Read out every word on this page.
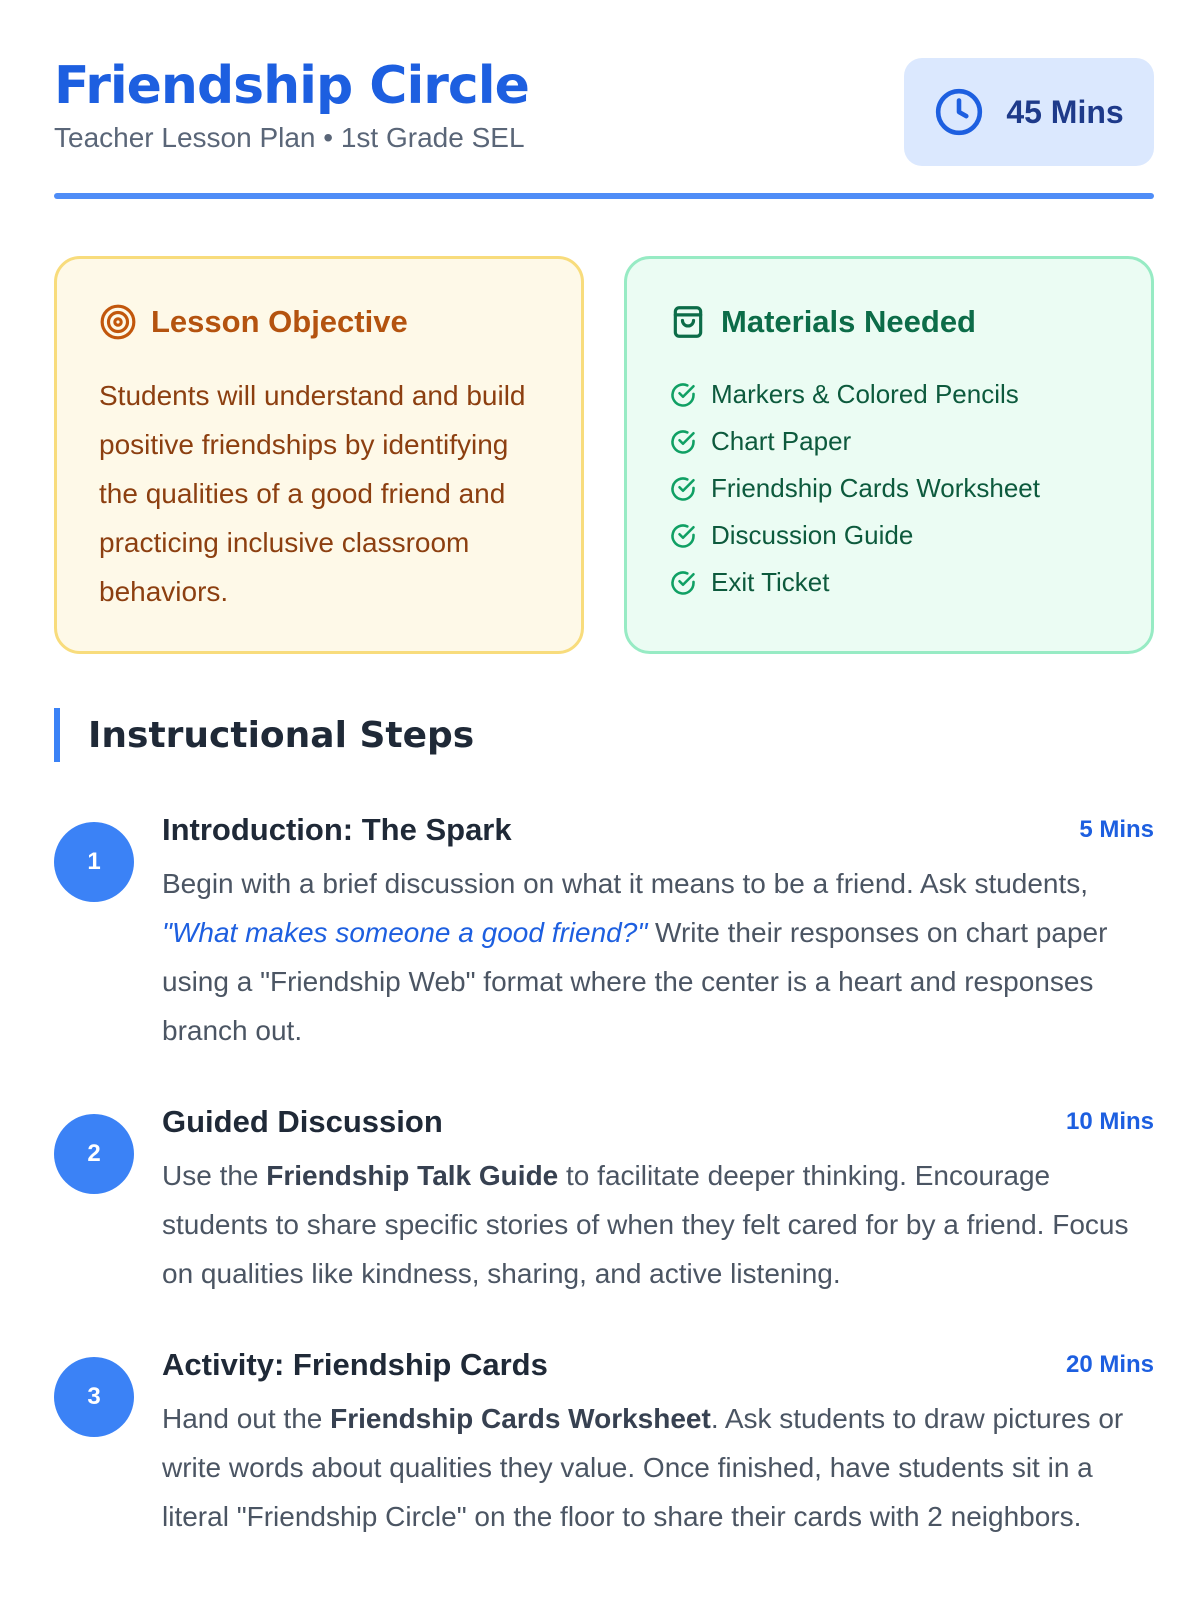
Friendship Circle
Teacher Lesson Plan • 1st Grade SEL
45 Mins
Lesson Objective

Students will understand and build positive friendships by identifying the qualities of a good friend and practicing inclusive classroom behaviors.

Materials Needed
Markers & Colored Pencils
Chart Paper
Friendship Cards Worksheet
Discussion Guide
Exit Ticket
Instructional Steps
1
Introduction: The Spark	5 Mins

Begin with a brief discussion on what it means to be a friend. Ask students, "What makes someone a good friend?" Write their responses on chart paper using a "Friendship Web" format where the center is a heart and responses branch out.

2
Guided Discussion	10 Mins

Use the Friendship Talk Guide to facilitate deeper thinking. Encourage students to share specific stories of when they felt cared for by a friend. Focus on qualities like kindness, sharing, and active listening.

3
Activity: Friendship Cards	20 Mins

Hand out the Friendship Cards Worksheet. Ask students to draw pictures or write words about qualities they value. Once finished, have students sit in a literal "Friendship Circle" on the floor to share their cards with 2 neighbors.
